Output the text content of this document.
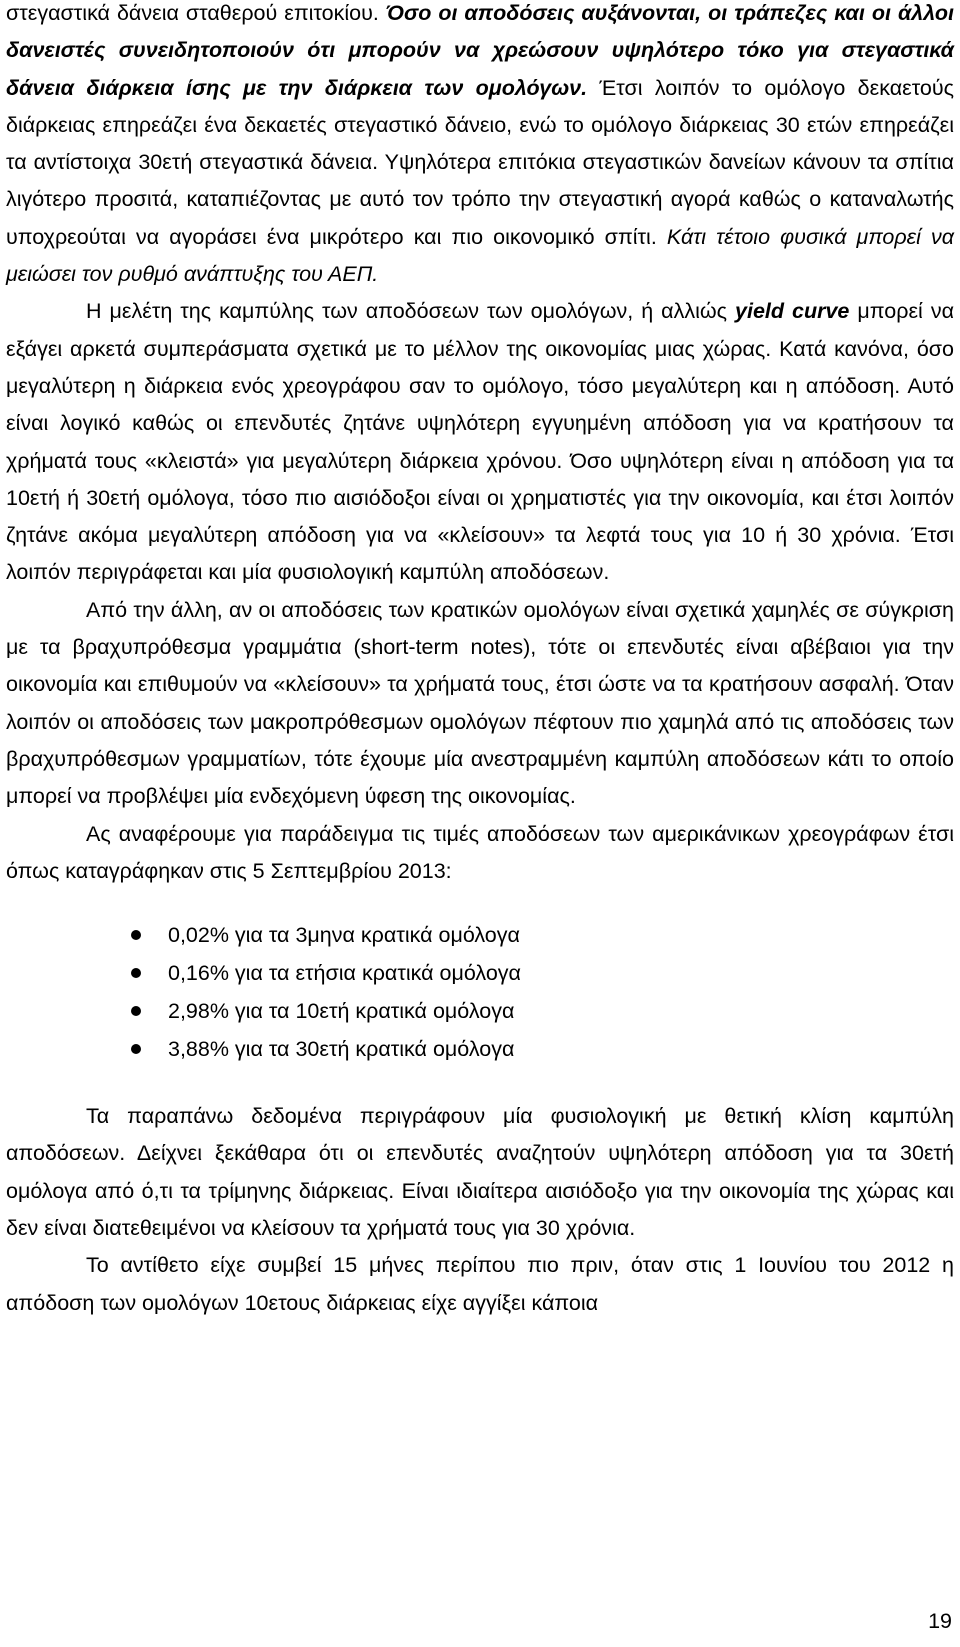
στεγαστικά δάνεια σταθερού επιτοκίου. Όσο οι αποδόσεις αυξάνονται, οι τράπεζες και οι άλλοι δανειστές συνειδητοποιούν ότι μπορούν να χρεώσουν υψηλότερο τόκο για στεγαστικά δάνεια διάρκεια ίσης με την διάρκεια των ομολόγων. Έτσι λοιπόν το ομόλογο δεκαετούς διάρκειας επηρεάζει ένα δεκαετές στεγαστικό δάνειο, ενώ το ομόλογο διάρκειας 30 ετών επηρεάζει τα αντίστοιχα 30ετή στεγαστικά δάνεια. Υψηλότερα επιτόκια στεγαστικών δανείων κάνουν τα σπίτια λιγότερο προσιτά, καταπιέζοντας με αυτό τον τρόπο την στεγαστική αγορά καθώς ο καταναλωτής υποχρεούται να αγοράσει ένα μικρότερο και πιο οικονομικό σπίτι. Κάτι τέτοιο φυσικά μπορεί να μειώσει τον ρυθμό ανάπτυξης του ΑΕΠ.

Η μελέτη της καμπύλης των αποδόσεων των ομολόγων, ή αλλιώς yield curve μπορεί να εξάγει αρκετά συμπεράσματα σχετικά με το μέλλον της οικονομίας μιας χώρας. Κατά κανόνα, όσο μεγαλύτερη η διάρκεια ενός χρεογράφου σαν το ομόλογο, τόσο μεγαλύτερη και η απόδοση. Αυτό είναι λογικό καθώς οι επενδυτές ζητάνε υψηλότερη εγγυημένη απόδοση για να κρατήσουν τα χρήματά τους «κλειστά» για μεγαλύτερη διάρκεια χρόνου. Όσο υψηλότερη είναι η απόδοση για τα 10ετή ή 30ετή ομόλογα, τόσο πιο αισιόδοξοι είναι οι χρηματιστές για την οικονομία, και έτσι λοιπόν ζητάνε ακόμα μεγαλύτερη απόδοση για να «κλείσουν» τα λεφτά τους για 10 ή 30 χρόνια. Έτσι λοιπόν περιγράφεται και μία φυσιολογική καμπύλη αποδόσεων.

Από την άλλη, αν οι αποδόσεις των κρατικών ομολόγων είναι σχετικά χαμηλές σε σύγκριση με τα βραχυπρόθεσμα γραμμάτια (short-term notes), τότε οι επενδυτές είναι αβέβαιοι για την οικονομία και επιθυμούν να «κλείσουν» τα χρήματά τους, έτσι ώστε να τα κρατήσουν ασφαλή. Όταν λοιπόν οι αποδόσεις των μακροπρόθεσμων ομολόγων πέφτουν πιο χαμηλά από τις αποδόσεις των βραχυπρόθεσμων γραμματίων, τότε έχουμε μία ανεστραμμένη καμπύλη αποδόσεων κάτι το οποίο μπορεί να προβλέψει μία ενδεχόμενη ύφεση της οικονομίας.

Ας αναφέρουμε για παράδειγμα τις τιμές αποδόσεων των αμερικάνικων χρεογράφων έτσι όπως καταγράφηκαν στις 5 Σεπτεμβρίου 2013:

0,02% για τα 3μηνα κρατικά ομόλογα
0,16% για τα ετήσια κρατικά ομόλογα
2,98% για τα 10ετή κρατικά ομόλογα
3,88% για τα 30ετή κρατικά ομόλογα

Τα παραπάνω δεδομένα περιγράφουν μία φυσιολογική με θετική κλίση καμπύλη αποδόσεων. Δείχνει ξεκάθαρα ότι οι επενδυτές αναζητούν υψηλότερη απόδοση για τα 30ετή ομόλογα από ό,τι τα τρίμηνης διάρκειας. Είναι ιδιαίτερα αισιόδοξο για την οικονομία της χώρας και δεν είναι διατεθειμένοι να κλείσουν τα χρήματά τους για 30 χρόνια.

Το αντίθετο είχε συμβεί 15 μήνες περίπου πιο πριν, όταν στις 1 Ιουνίου του 2012 η απόδοση των ομολόγων 10ετους διάρκειας είχε αγγίξει κάποια

19
